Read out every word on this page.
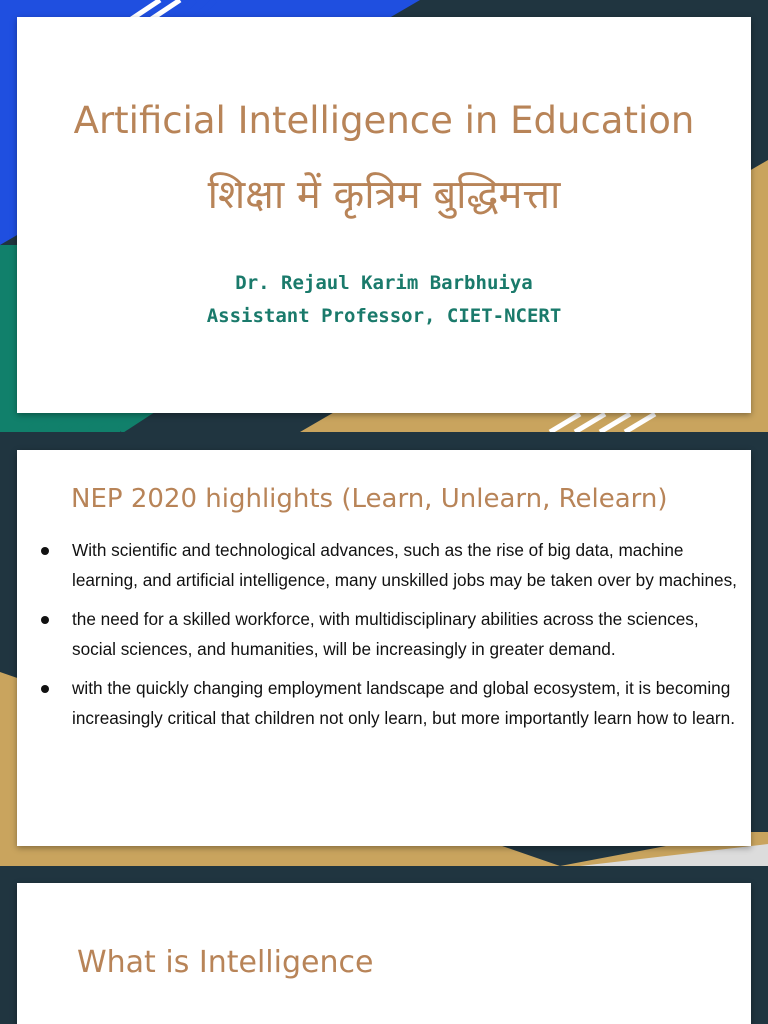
Artificial Intelligence in Education
शिक्षा में कृत्रिम बुद्धिमत्ता
Dr. Rejaul Karim Barbhuiya
Assistant Professor, CIET-NCERT
NEP 2020 highlights (Learn, Unlearn, Relearn)
With scientific and technological advances, such as the rise of big data, machine learning, and artificial intelligence, many unskilled jobs may be taken over by machines,
the need for a skilled workforce, with multidisciplinary abilities across the sciences, social sciences, and humanities, will be increasingly in greater demand.
with the quickly changing employment landscape and global ecosystem, it is becoming increasingly critical that children not only learn, but more importantly learn how to learn.
What is Intelligence
